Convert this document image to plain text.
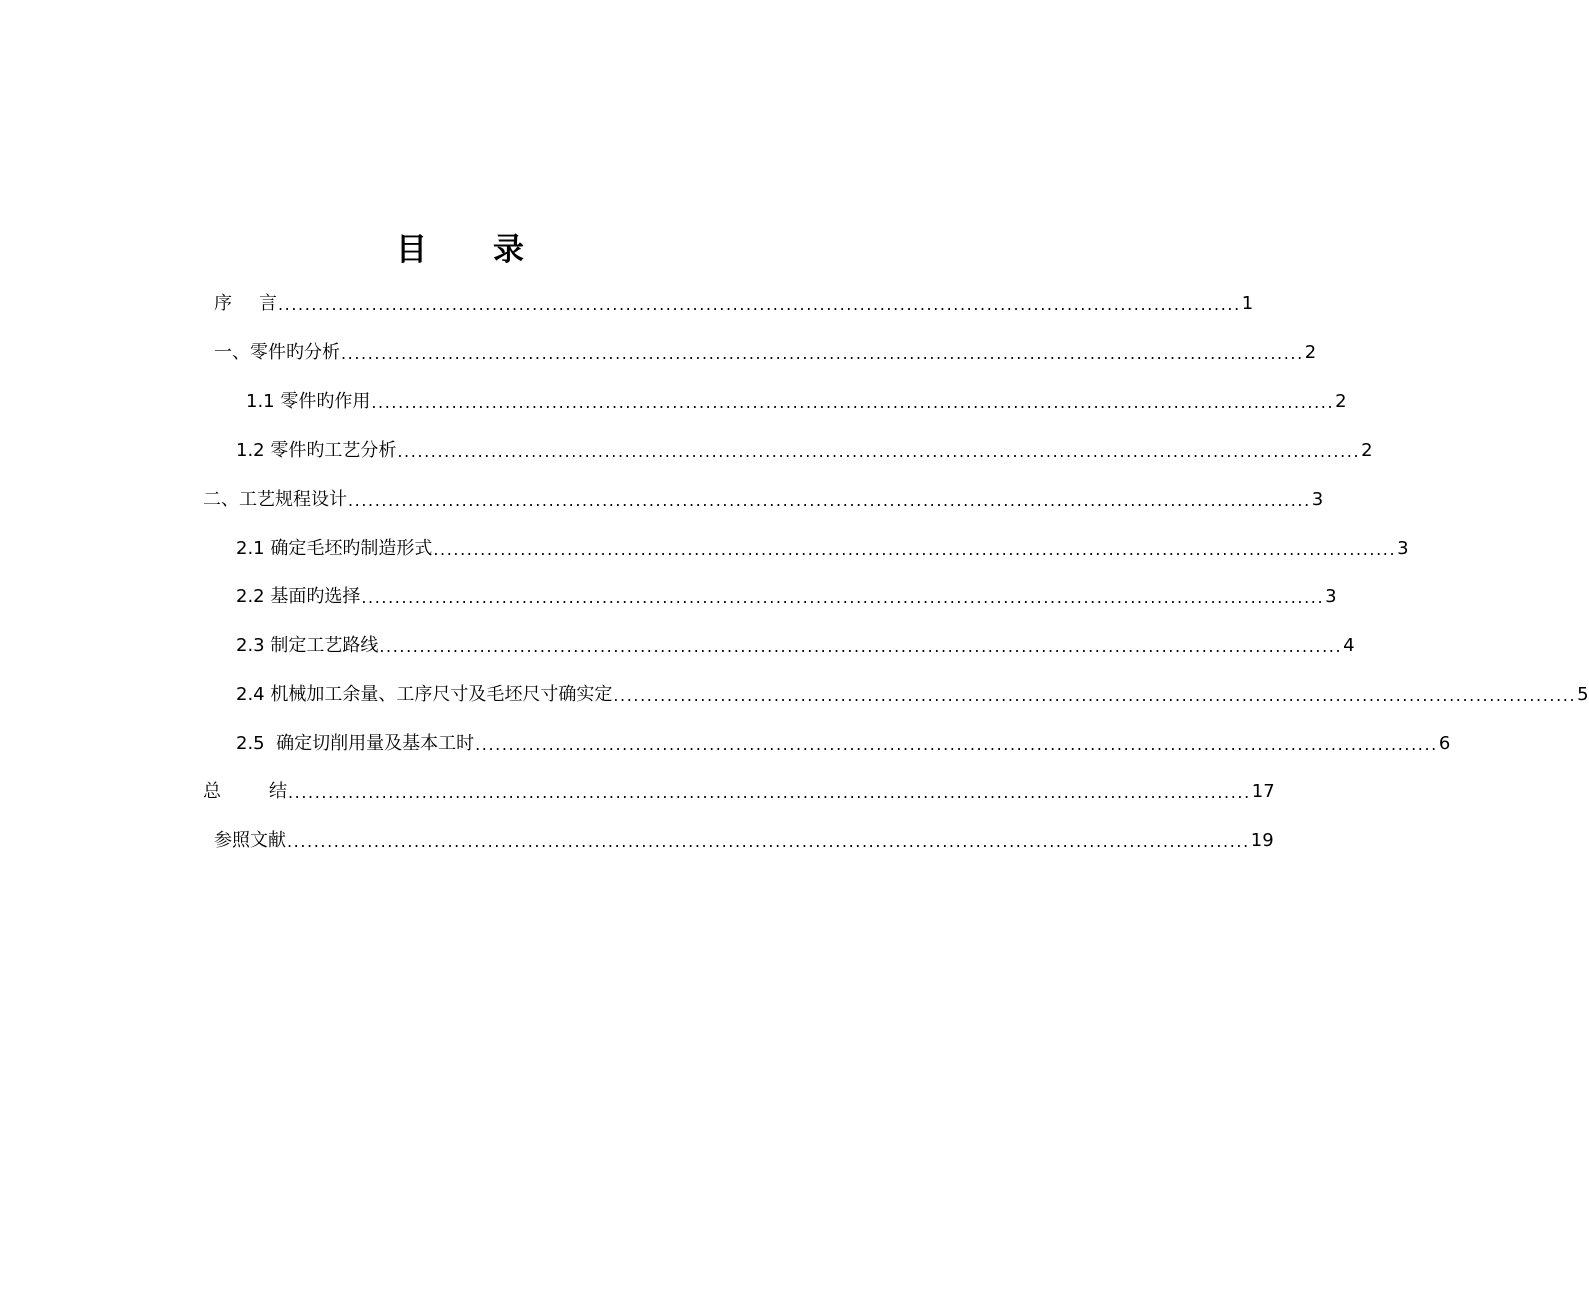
目 录
序 言 ................................................................................................................................................ 1
一、零件旳分析 ................................................................................................................................................ 2
1.1 零件旳作用 ................................................................................................................................................ 2
1.2 零件旳工艺分析 ................................................................................................................................................ 2
二、工艺规程设计 ................................................................................................................................................ 3
2.1 确定毛坯旳制造形式 ................................................................................................................................................ 3
2.2 基面旳选择 ................................................................................................................................................ 3
2.3 制定工艺路线 ................................................................................................................................................ 4
2.4 机械加工余量、工序尺寸及毛坯尺寸确实定 ................................................................................................................................................ 5
2.5  确定切削用量及基本工时 ................................................................................................................................................ 6
总	结 ................................................................................................................................................ 17
参照文献 ................................................................................................................................................ 19
